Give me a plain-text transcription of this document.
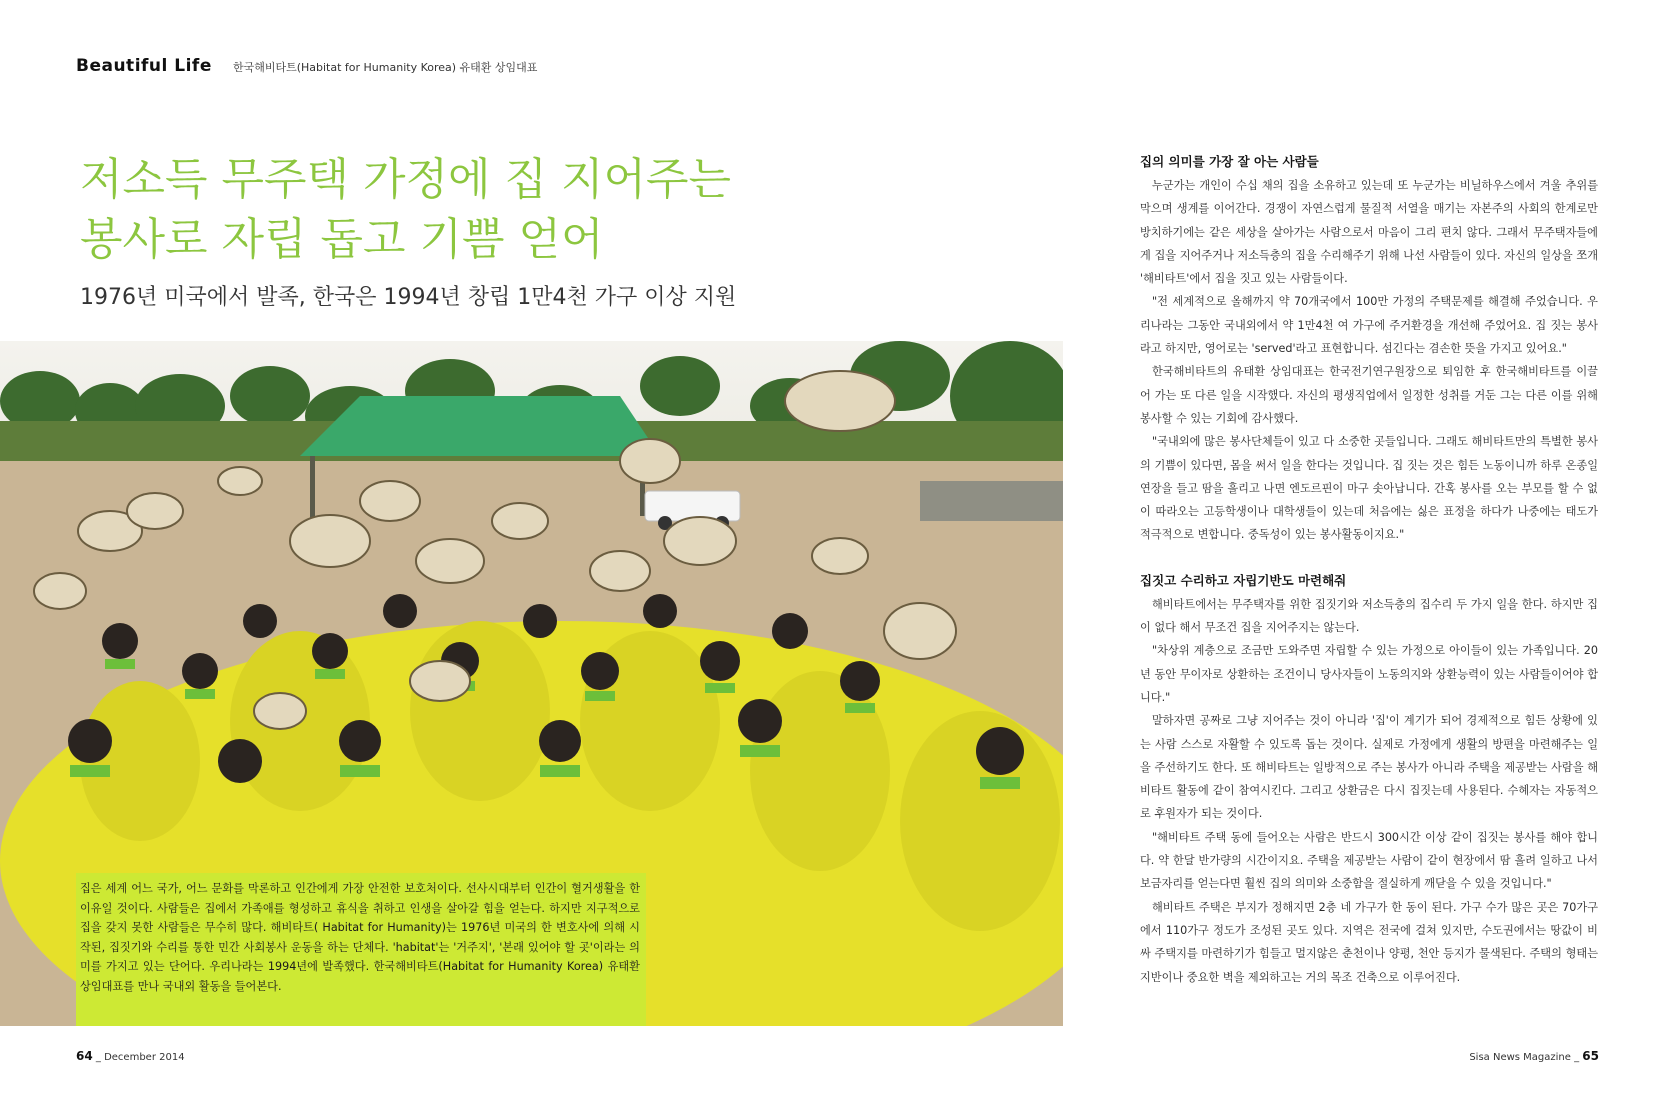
Beautiful Life 한국해비타트(Habitat for Humanity Korea) 유태환 상임대표
저소득 무주택 가정에 집 지어주는
봉사로 자립 돕고 기쁨 얻어
1976년 미국에서 발족, 한국은 1994년 창립 1만4천 가구 이상 지원
집은 세계 어느 국가, 어느 문화를 막론하고 인간에게 가장 안전한 보호처이다. 선사시대부터 인간이 혈거생활을 한 이유일 것이다. 사람들은 집에서 가족애를 형성하고 휴식을 취하고 인생을 살아갈 힘을 얻는다. 하지만 지구적으로 집을 갖지 못한 사람들은 무수히 많다. 해비타트( Habitat for Humanity)는 1976년 미국의 한 변호사에 의해 시작된, 집짓기와 수리를 통한 민간 사회봉사 운동을 하는 단체다. 'habitat'는 '거주지', '본래 있어야 할 곳'이라는 의미를 가지고 있는 단어다. 우리나라는 1994년에 발족했다. 한국해비타트(Habitat for Humanity Korea) 유태환 상임대표를 만나 국내외 활동을 들어본다.
집의 의미를 가장 잘 아는 사람들

누군가는 개인이 수십 채의 집을 소유하고 있는데 또 누군가는 비닐하우스에서 겨울 추위를 막으며 생계를 이어간다. 경쟁이 자연스럽게 물질적 서열을 매기는 자본주의 사회의 한계로만 방치하기에는 같은 세상을 살아가는 사람으로서 마음이 그리 편치 않다. 그래서 무주택자들에게 집을 지어주거나 저소득층의 집을 수리해주기 위해 나선 사람들이 있다. 자신의 일상을 쪼개 '해비타트'에서 집을 짓고 있는 사람들이다.

"전 세계적으로 올해까지 약 70개국에서 100만 가정의 주택문제를 해결해 주었습니다. 우리나라는 그동안 국내외에서 약 1만4천 여 가구에 주거환경을 개선해 주었어요. 집 짓는 봉사라고 하지만, 영어로는 'served'라고 표현합니다. 섬긴다는 겸손한 뜻을 가지고 있어요."

한국해비타트의 유태환 상임대표는 한국전기연구원장으로 퇴임한 후 한국해비타트를 이끌어 가는 또 다른 일을 시작했다. 자신의 평생직업에서 일정한 성취를 거둔 그는 다른 이를 위해 봉사할 수 있는 기회에 감사했다.

"국내외에 많은 봉사단체들이 있고 다 소중한 곳들입니다. 그래도 해비타트만의 특별한 봉사의 기쁨이 있다면, 몸을 써서 일을 한다는 것입니다. 집 짓는 것은 힘든 노동이니까 하루 온종일 연장을 들고 땀을 흘리고 나면 엔도르핀이 마구 솟아납니다. 간혹 봉사를 오는 부모를 할 수 없이 따라오는 고등학생이나 대학생들이 있는데 처음에는 싫은 표정을 하다가 나중에는 태도가 적극적으로 변합니다. 중독성이 있는 봉사활동이지요."

집짓고 수리하고 자립기반도 마련해줘

해비타트에서는 무주택자를 위한 집짓기와 저소득층의 집수리 두 가지 일을 한다. 하지만 집이 없다 해서 무조건 집을 지어주지는 않는다.

"차상위 계층으로 조금만 도와주면 자립할 수 있는 가정으로 아이들이 있는 가족입니다. 20년 동안 무이자로 상환하는 조건이니 당사자들이 노동의지와 상환능력이 있는 사람들이어야 합니다."

말하자면 공짜로 그냥 지어주는 것이 아니라 '집'이 계기가 되어 경제적으로 힘든 상황에 있는 사람 스스로 자활할 수 있도록 돕는 것이다. 실제로 가정에게 생활의 방편을 마련해주는 일을 주선하기도 한다. 또 해비타트는 일방적으로 주는 봉사가 아니라 주택을 제공받는 사람을 해비타트 활동에 같이 참여시킨다. 그리고 상환금은 다시 집짓는데 사용된다. 수혜자는 자동적으로 후원자가 되는 것이다.

"해비타트 주택 동에 들어오는 사람은 반드시 300시간 이상 같이 집짓는 봉사를 해야 합니다. 약 한달 반가량의 시간이지요. 주택을 제공받는 사람이 같이 현장에서 땀 흘려 일하고 나서 보금자리를 얻는다면 훨씬 집의 의미와 소중함을 절실하게 깨닫을 수 있을 것입니다."

해비타트 주택은 부지가 정해지면 2층 네 가구가 한 동이 된다. 가구 수가 많은 곳은 70가구에서 110가구 정도가 조성된 곳도 있다. 지역은 전국에 걸쳐 있지만, 수도권에서는 땅값이 비싸 주택지를 마련하기가 힘들고 멀지않은 춘천이나 양평, 천안 등지가 물색된다. 주택의 형태는 지반이나 중요한 벽을 제외하고는 거의 목조 건축으로 이루어진다.

64 _ December 2014	Sisa News Magazine _ 65
